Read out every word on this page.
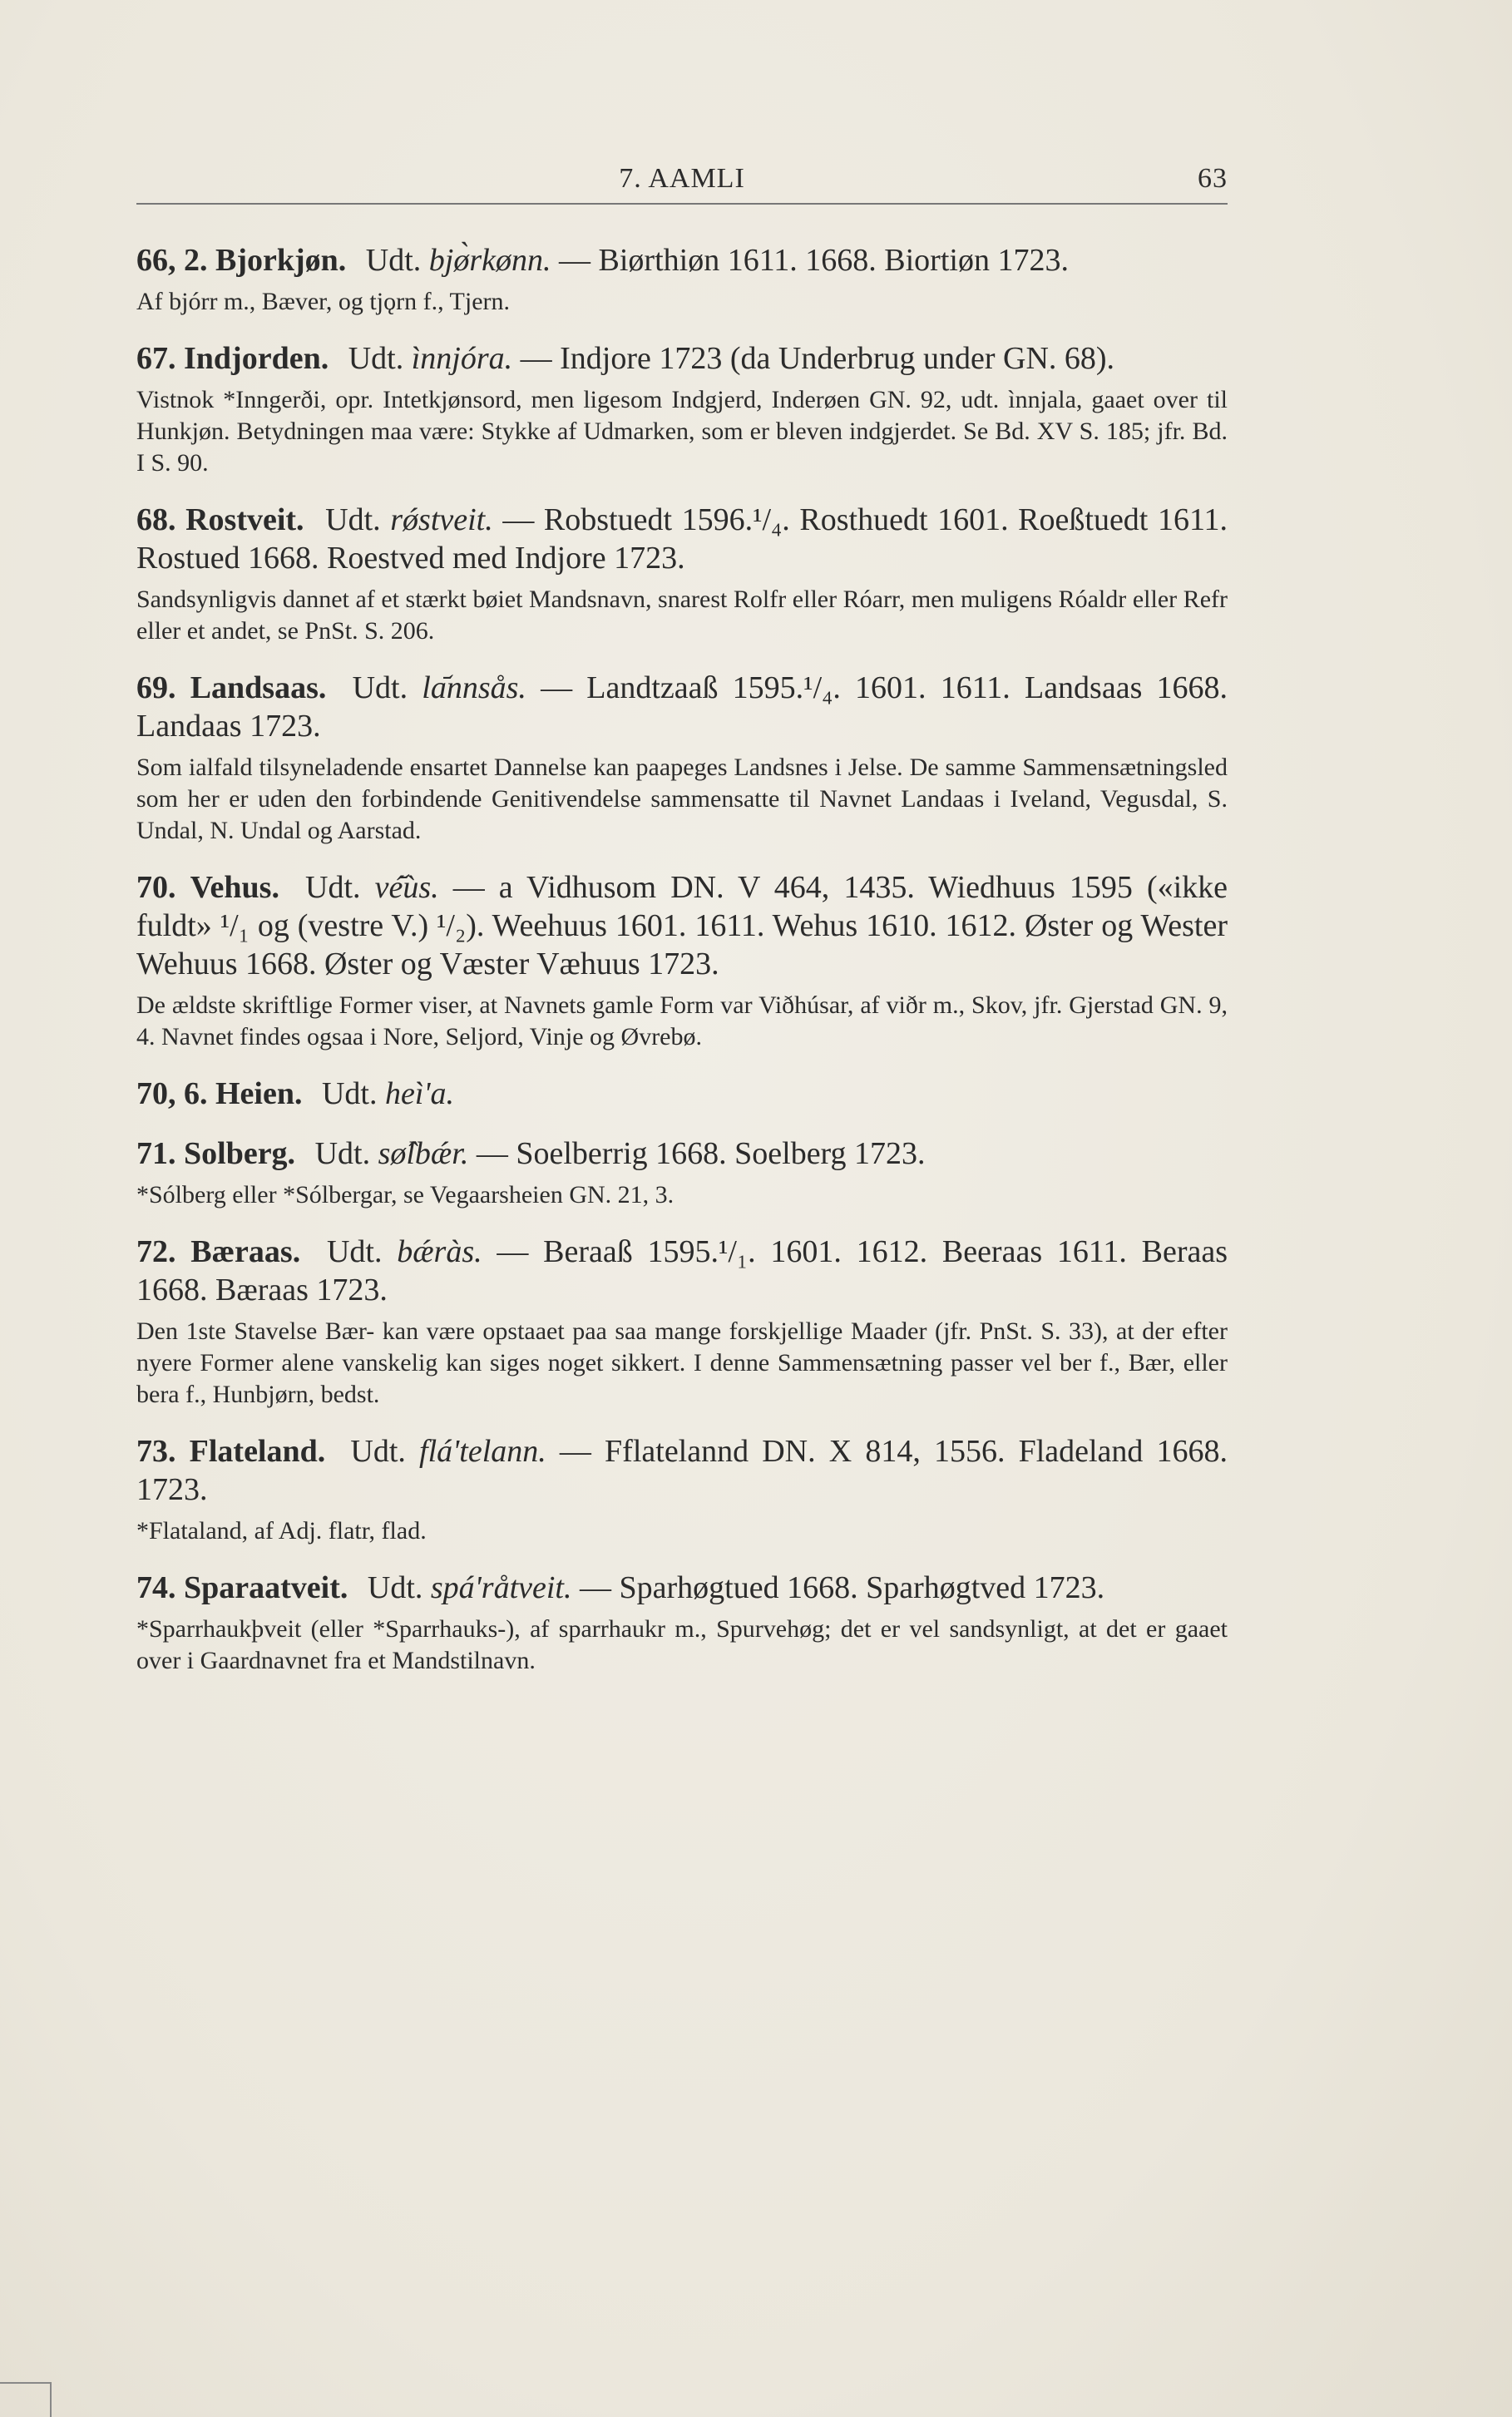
7. AAMLI	63
66, 2. Bjorkjøn. Udt. bjø̀rkønn. — Biørthiøn 1611. 1668. Biortiøn 1723.
Af bjórr m., Bæver, og tjǫrn f., Tjern.
67. Indjorden. Udt. ìnnjóra. — Indjore 1723 (da Underbrug under GN. 68).
Vistnok *Inngerði, opr. Intetkjønsord, men ligesom Indgjerd, Inderøen GN. 92, udt. ìnnjala, gaaet over til Hunkjøn. Betydningen maa være: Stykke af Udmarken, som er bleven indgjerdet. Se Bd. XV S. 185; jfr. Bd. I S. 90.
68. Rostveit. Udt. rǿstveit. — Robstuedt 1596.¹/₄. Rosthuedt 1601. Roeßtuedt 1611. Rostued 1668. Roestved med Indjore 1723.
Sandsynligvis dannet af et stærkt bøiet Mandsnavn, snarest Rolfr eller Róarr, men muligens Róaldr eller Refr eller et andet, se PnSt. S. 206.
69. Landsaas. Udt. la᷄nnsås. — Landtzaaß 1595.¹/₄. 1601. 1611. Landsaas 1668. Landaas 1723.
Som ialfald tilsyneladende ensartet Dannelse kan paapeges Landsnes i Jelse. De samme Sammensætningsled som her er uden den forbindende Genitivendelse sammensatte til Navnet Landaas i Iveland, Vegusdal, S. Undal, N. Undal og Aarstad.
70. Vehus. Udt. vé᷄ùs. — a Vidhusom DN. V 464, 1435. Wiedhuus 1595 («ikke fuldt» ¹/₁ og (vestre V.) ¹/₂). Weehuus 1601. 1611. Wehus 1610. 1612. Øster og Wester Wehuus 1668. Øster og Væster Væhuus 1723.
De ældste skriftlige Former viser, at Navnets gamle Form var Viðhúsar, af viðr m., Skov, jfr. Gjerstad GN. 9, 4. Navnet findes ogsaa i Nore, Seljord, Vinje og Øvrebø.
70, 6. Heien. Udt. heì'a.
71. Solberg. Udt. sø̂lbǽr. — Soelberrig 1668. Soelberg 1723.
*Sólberg eller *Sólbergar, se Vegaarsheien GN. 21, 3.
72. Bæraas. Udt. bǽràs. — Beraaß 1595.¹/₁. 1601. 1612. Beeraas 1611. Beraas 1668. Bæraas 1723.
Den 1ste Stavelse Bær- kan være opstaaet paa saa mange forskjellige Maader (jfr. PnSt. S. 33), at der efter nyere Former alene vanskelig kan siges noget sikkert. I denne Sammensætning passer vel ber f., Bær, eller bera f., Hunbjørn, bedst.
73. Flateland. Udt. flá'telann. — Fflatelannd DN. X 814, 1556. Fladeland 1668. 1723.
*Flataland, af Adj. flatr, flad.
74. Sparaatveit. Udt. spá'råtveit. — Sparhøgtued 1668. Sparhøgtved 1723.
*Sparrhaukþveit (eller *Sparrhauks-), af sparrhaukr m., Spurvehøg; det er vel sandsynligt, at det er gaaet over i Gaardnavnet fra et Mandstilnavn.
